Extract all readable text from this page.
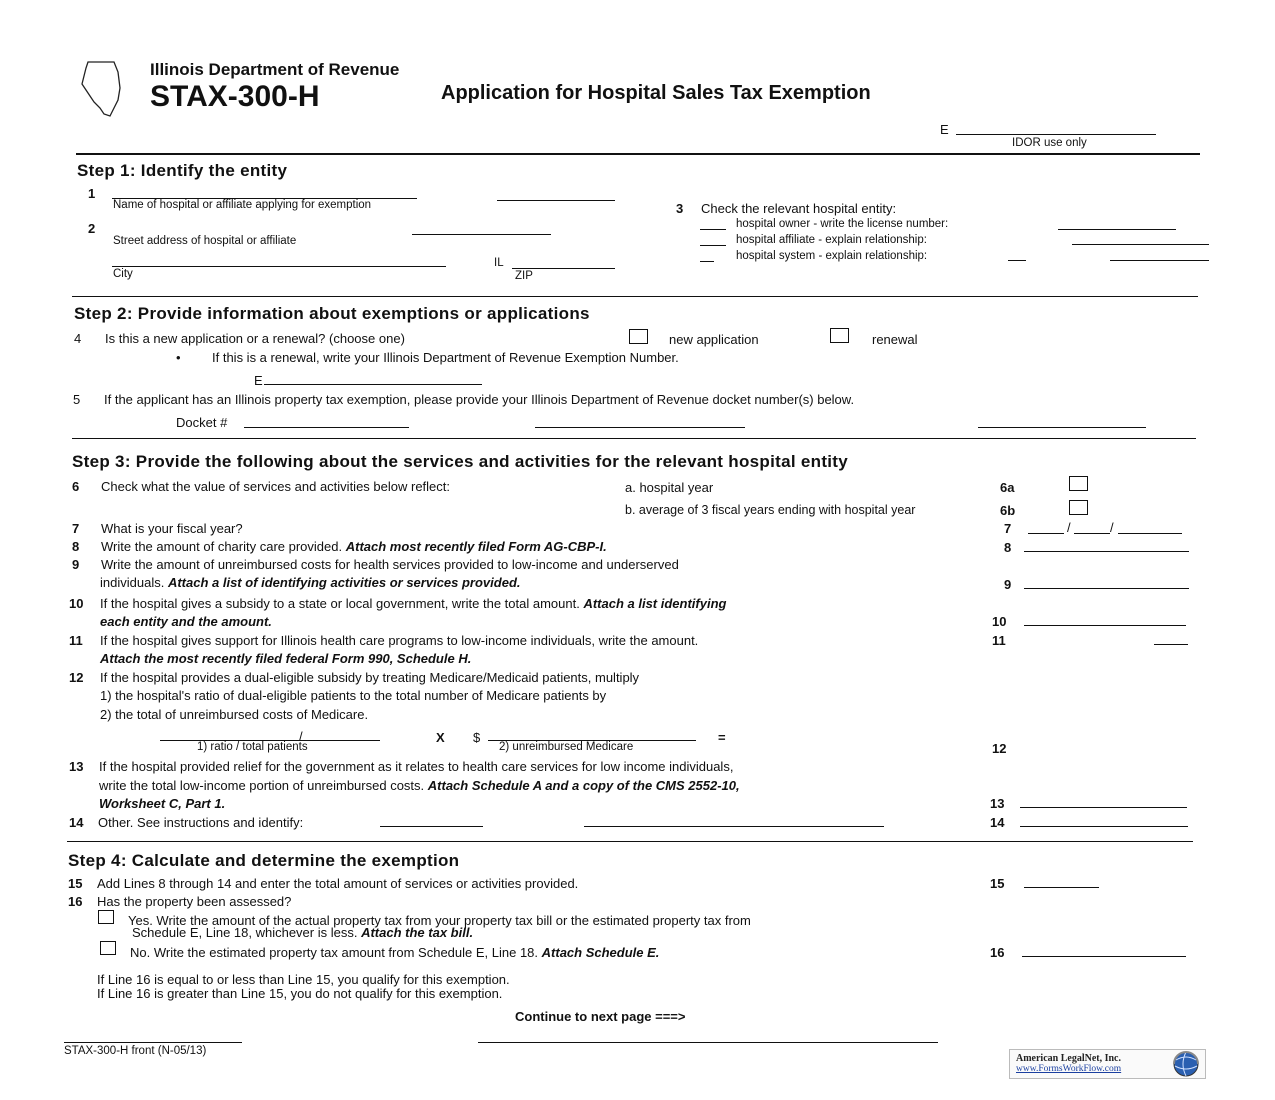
Illinois Department of Revenue
STAX-300-H	Application for Hospital Sales Tax Exemption
E
IDOR use only
Step 1: Identify the entity
1
Name of hospital or affiliate applying for exemption
2
Street address of hospital or affiliate
City
IL
ZIP
3 Check the relevant hospital entity:
hospital owner - write the license number:
hospital affiliate - explain relationship:
hospital system - explain relationship:
Step 2: Provide information about exemptions or applications
4 Is this a new application or a renewal? (choose one)	new application	renewal
• If this is a renewal, write your Illinois Department of Revenue Exemption Number.
E
5 If the applicant has an Illinois property tax exemption, please provide your Illinois Department of Revenue docket number(s) below.
Docket #
Step 3: Provide the following about the services and activities for the relevant hospital entity
6 Check what the value of services and activities below reflect:	a. hospital year	6a
b. average of 3 fiscal years ending with hospital year	6b
7 What is your fiscal year?	7	/	/
8 Write the amount of charity care provided. Attach most recently filed Form AG-CBP-I.	8
9 Write the amount of unreimbursed costs for health services provided to low-income and underserved
individuals. Attach a list of identifying activities or services provided.	9
10 If the hospital gives a subsidy to a state or local government, write the total amount. Attach a list identifying
each entity and the amount.	10
11 If the hospital gives support for Illinois health care programs to low-income individuals, write the amount.	11
Attach the most recently filed federal Form 990, Schedule H.
12 If the hospital provides a dual-eligible subsidy by treating Medicare/Medicaid patients, multiply
1) the hospital's ratio of dual-eligible patients to the total number of Medicare patients by
2) the total of unreimbursed costs of Medicare.
/
1) ratio / total patients
X $
2) unreimbursed Medicare
=
12
13 If the hospital provided relief for the government as it relates to health care services for low income individuals,
write the total low-income portion of unreimbursed costs. Attach Schedule A and a copy of the CMS 2552-10,
Worksheet C, Part 1.	13
14 Other. See instructions and identify:	14
Step 4: Calculate and determine the exemption
15 Add Lines 8 through 14 and enter the total amount of services or activities provided.	15
16 Has the property been assessed?
Yes. Write the amount of the actual property tax from your property tax bill or the estimated property tax from
Schedule E, Line 18, whichever is less. Attach the tax bill.
No. Write the estimated property tax amount from Schedule E, Line 18. Attach Schedule E.	16
If Line 16 is equal to or less than Line 15, you qualify for this exemption.
If Line 16 is greater than Line 15, you do not qualify for this exemption.
Continue to next page ===>
STAX-300-H front (N-05/13)
American LegalNet, Inc.
www.FormsWorkFlow.com
